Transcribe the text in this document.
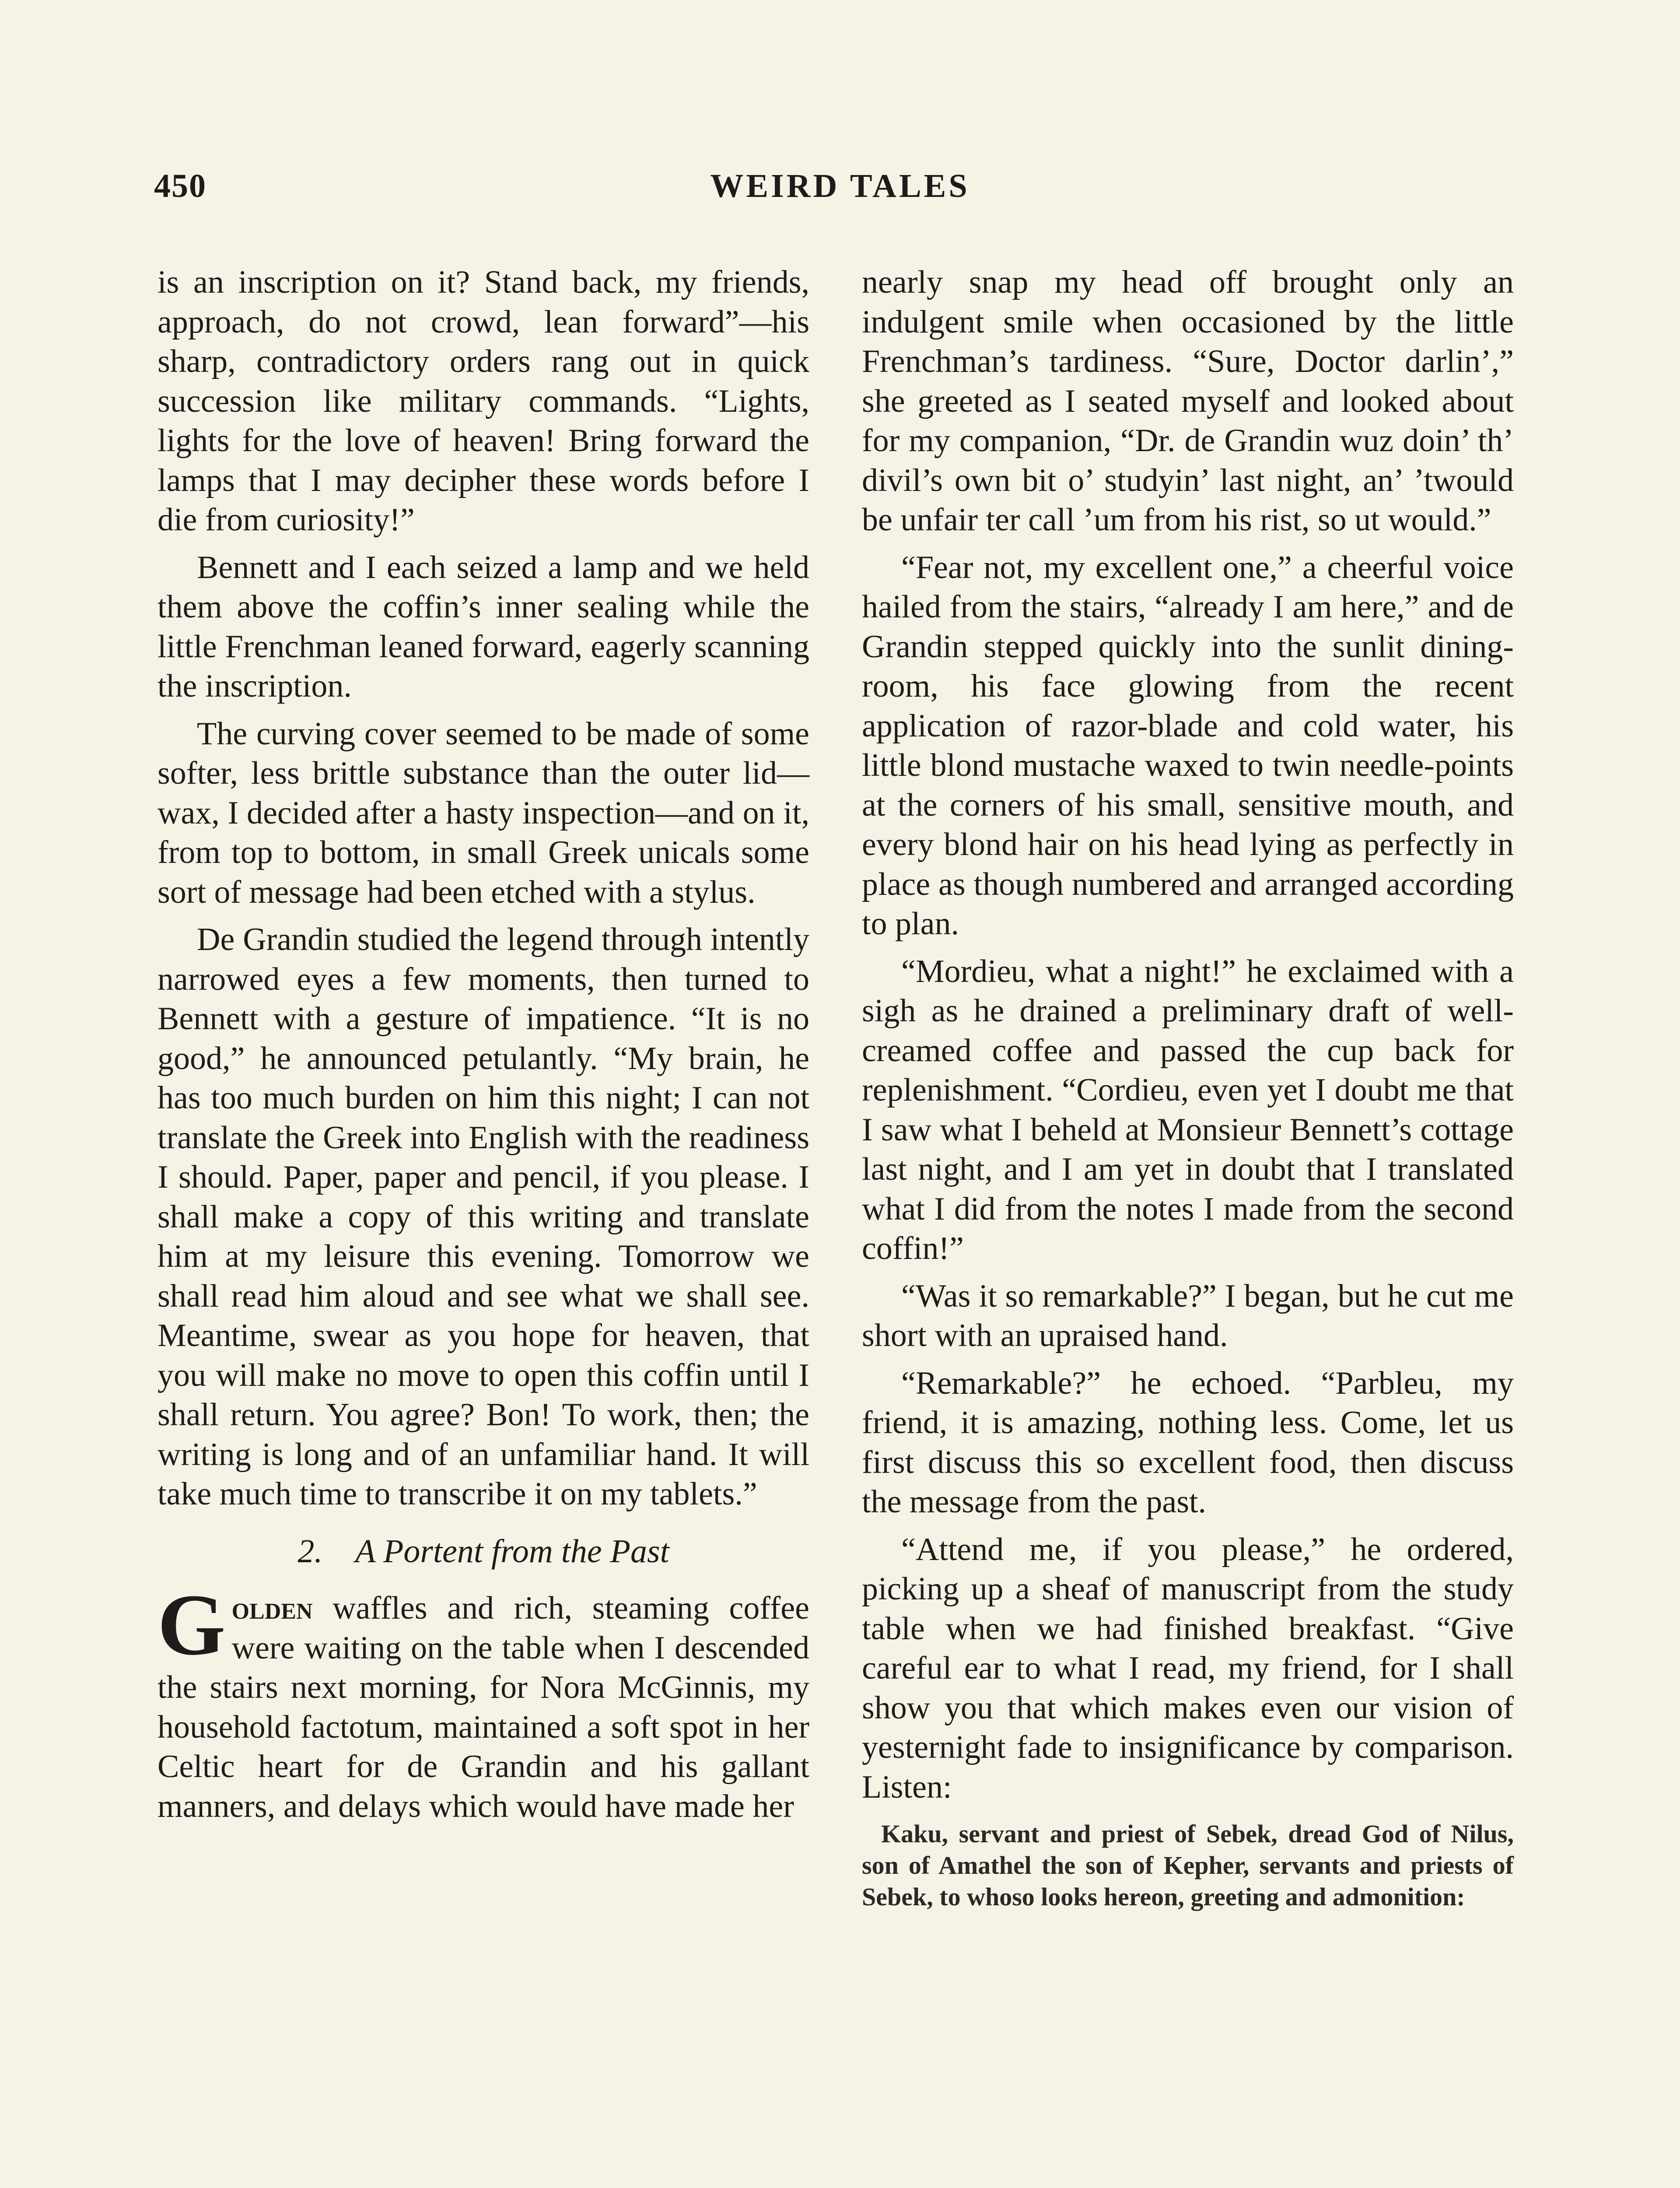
450	WEIRD TALES

is an inscription on it? Stand back, my friends, approach, do not crowd, lean forward”—his sharp, contradictory orders rang out in quick succession like military commands. “Lights, lights for the love of heaven! Bring forward the lamps that I may decipher these words before I die from curiosity!”

Bennett and I each seized a lamp and we held them above the coffin’s inner sealing while the little Frenchman leaned forward, eagerly scanning the inscription.

The curving cover seemed to be made of some softer, less brittle substance than the outer lid—wax, I decided after a hasty inspection—and on it, from top to bottom, in small Greek unicals some sort of message had been etched with a stylus.

De Grandin studied the legend through intently narrowed eyes a few moments, then turned to Bennett with a gesture of impatience. “It is no good,” he announced petulantly. “My brain, he has too much burden on him this night; I can not translate the Greek into English with the readiness I should. Paper, paper and pencil, if you please. I shall make a copy of this writing and translate him at my leisure this evening. Tomorrow we shall read him aloud and see what we shall see. Meantime, swear as you hope for heaven, that you will make no move to open this coffin until I shall return. You agree? Bon! To work, then; the writing is long and of an unfamiliar hand. It will take much time to transcribe it on my tablets.”

2. A Portent from the Past

Golden waffles and rich, steaming coffee were waiting on the table when I descended the stairs next morning, for Nora McGinnis, my household factotum, maintained a soft spot in her Celtic heart for de Grandin and his gallant manners, and delays which would have made her

nearly snap my head off brought only an indulgent smile when occasioned by the little Frenchman’s tardiness. “Sure, Doctor darlin’,” she greeted as I seated myself and looked about for my companion, “Dr. de Grandin wuz doin’ th’ divil’s own bit o’ studyin’ last night, an’ ’twould be unfair ter call ’um from his rist, so ut would.”

“Fear not, my excellent one,” a cheerful voice hailed from the stairs, “already I am here,” and de Grandin stepped quickly into the sunlit dining-room, his face glowing from the recent application of razor-blade and cold water, his little blond mustache waxed to twin needle-points at the corners of his small, sensitive mouth, and every blond hair on his head lying as perfectly in place as though numbered and arranged according to plan.

“Mordieu, what a night!” he exclaimed with a sigh as he drained a preliminary draft of well-creamed coffee and passed the cup back for replenishment. “Cordieu, even yet I doubt me that I saw what I beheld at Monsieur Bennett’s cottage last night, and I am yet in doubt that I translated what I did from the notes I made from the second coffin!”

“Was it so remarkable?” I began, but he cut me short with an upraised hand.

“Remarkable?” he echoed. “Parbleu, my friend, it is amazing, nothing less. Come, let us first discuss this so excellent food, then discuss the message from the past.

“Attend me, if you please,” he ordered, picking up a sheaf of manuscript from the study table when we had finished breakfast. “Give careful ear to what I read, my friend, for I shall show you that which makes even our vision of yesternight fade to insignificance by comparison. Listen:

Kaku, servant and priest of Sebek, dread God of Nilus, son of Amathel the son of Kepher, servants and priests of Sebek, to whoso looks hereon, greeting and admonition:
